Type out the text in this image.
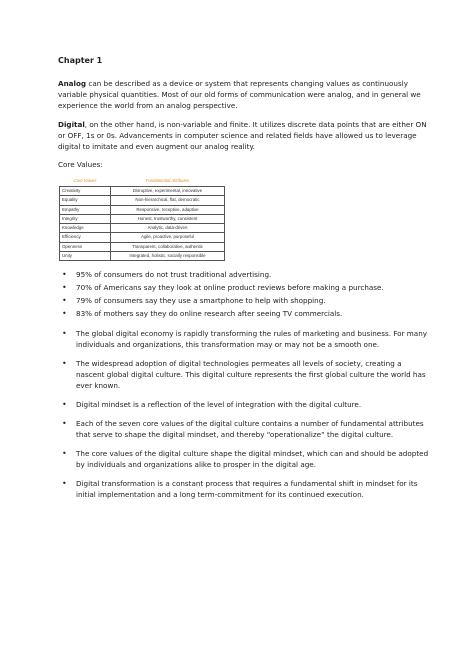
Chapter 1

Analog can be described as a device or system that represents changing values as continuously variable physical quantities. Most of our old forms of communication were analog, and in general we experience the world from an analog perspective.

Digital, on the other hand, is non-variable and finite. It utilizes discrete data points that are either ON or OFF, 1s or 0s. Advancements in computer science and related fields have allowed us to leverage digital to imitate and even augment our analog reality.

Core Values:
Core Values	Fundamental Attributes
Creativity	Disruptive, experimental, innovative
Equality	Non-hierarchical, flat, democratic
Empathy	Responsive, receptive, adaptive
Integrity	Honest, trustworthy, consistent
Knowledge	Analytic, data-driven
Efficiency	Agile, proactive, purposeful
Openness	Transparent, collaborative, authentic
Unity	Integrated, holistic, socially responsible
• 95% of consumers do not trust traditional advertising.
• 70% of Americans say they look at online product reviews before making a purchase.
• 79% of consumers say they use a smartphone to help with shopping.
• 83% of mothers say they do online research after seeing TV commercials.
• The global digital economy is rapidly transforming the rules of marketing and business. For many individuals and organizations, this transformation may or may not be a smooth one.
• The widespread adoption of digital technologies permeates all levels of society, creating a nascent global digital culture. This digital culture represents the first global culture the world has ever known.
• Digital mindset is a reflection of the level of integration with the digital culture.
• Each of the seven core values of the digital culture contains a number of fundamental attributes that serve to shape the digital mindset, and thereby “operationalize” the digital culture.
• The core values of the digital culture shape the digital mindset, which can and should be adopted by individuals and organizations alike to prosper in the digital age.
• Digital transformation is a constant process that requires a fundamental shift in mindset for its initial implementation and a long term-commitment for its continued execution.
